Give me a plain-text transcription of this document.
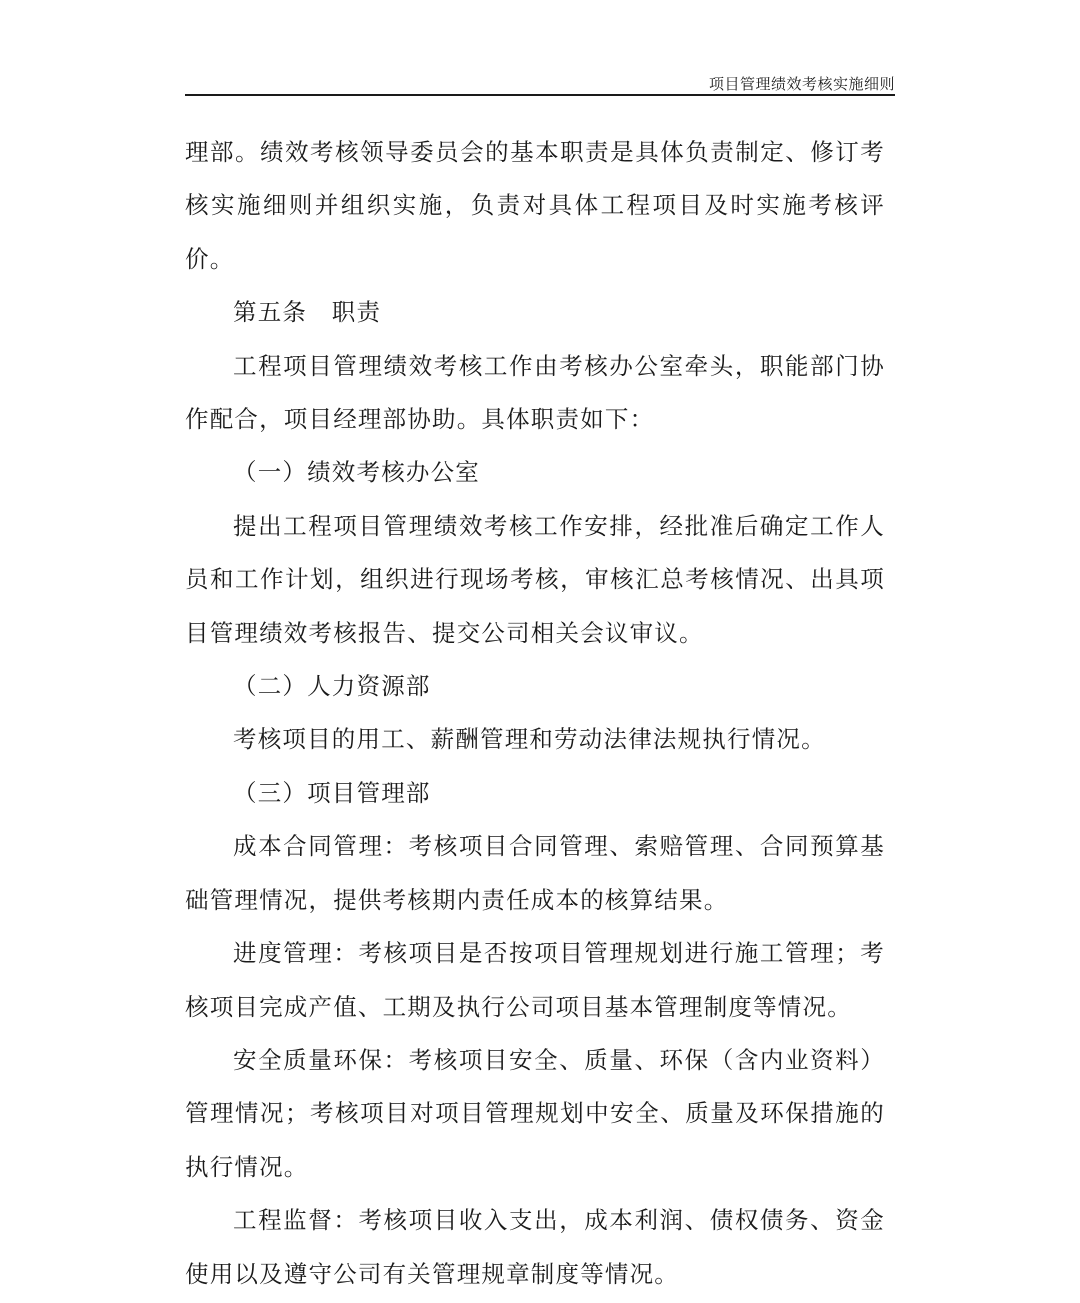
项目管理绩效考核实施细则

理部。绩效考核领导委员会的基本职责是具体负责制定、修订考核实施细则并组织实施，负责对具体工程项目及时实施考核评价。

第五条　职责

工程项目管理绩效考核工作由考核办公室牵头，职能部门协作配合，项目经理部协助。具体职责如下：

（一）绩效考核办公室

提出工程项目管理绩效考核工作安排，经批准后确定工作人员和工作计划，组织进行现场考核，审核汇总考核情况、出具项目管理绩效考核报告、提交公司相关会议审议。

（二）人力资源部

考核项目的用工、薪酬管理和劳动法律法规执行情况。

（三）项目管理部

成本合同管理：考核项目合同管理、索赔管理、合同预算基础管理情况，提供考核期内责任成本的核算结果。

进度管理：考核项目是否按项目管理规划进行施工管理；考核项目完成产值、工期及执行公司项目基本管理制度等情况。

安全质量环保：考核项目安全、质量、环保（含内业资料）管理情况；考核项目对项目管理规划中安全、质量及环保措施的执行情况。

工程监督：考核项目收入支出，成本利润、债权债务、资金使用以及遵守公司有关管理规章制度等情况。
